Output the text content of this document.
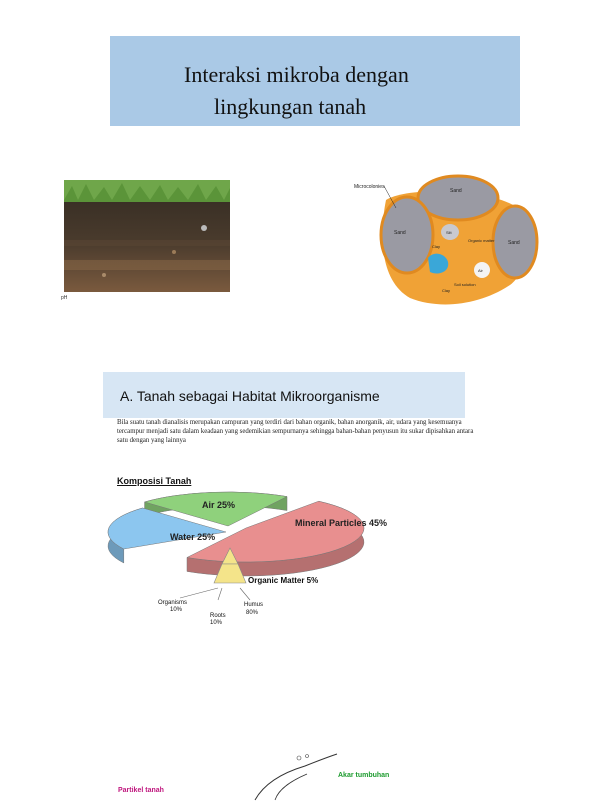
Interaksi mikroba dengan
lingkungan tanah
pH
Microcolonies
Sand
Sand
Sand
Silt
Clay
Organic matter
Air
Soil solution
Clay
A. Tanah sebagai Habitat Mikroorganisme
Bila suatu tanah dianalisis merupakan campuran yang terdiri dari bahan organik, bahan anorganik, air, udara yang kesemuanya tercampur menjadi satu dalam keadaan yang sedemikian sempurnanya sehingga bahan-bahan penyusun itu sukar dipisahkan antara satu dengan yang lainnya
Komposisi Tanah
Mineral Particles 45%
Water 25%
Air 25%
Organic Matter 5%
Organisms
10%
Roots
10%
Humus
80%
Partikel tanah
Akar tumbuhan
